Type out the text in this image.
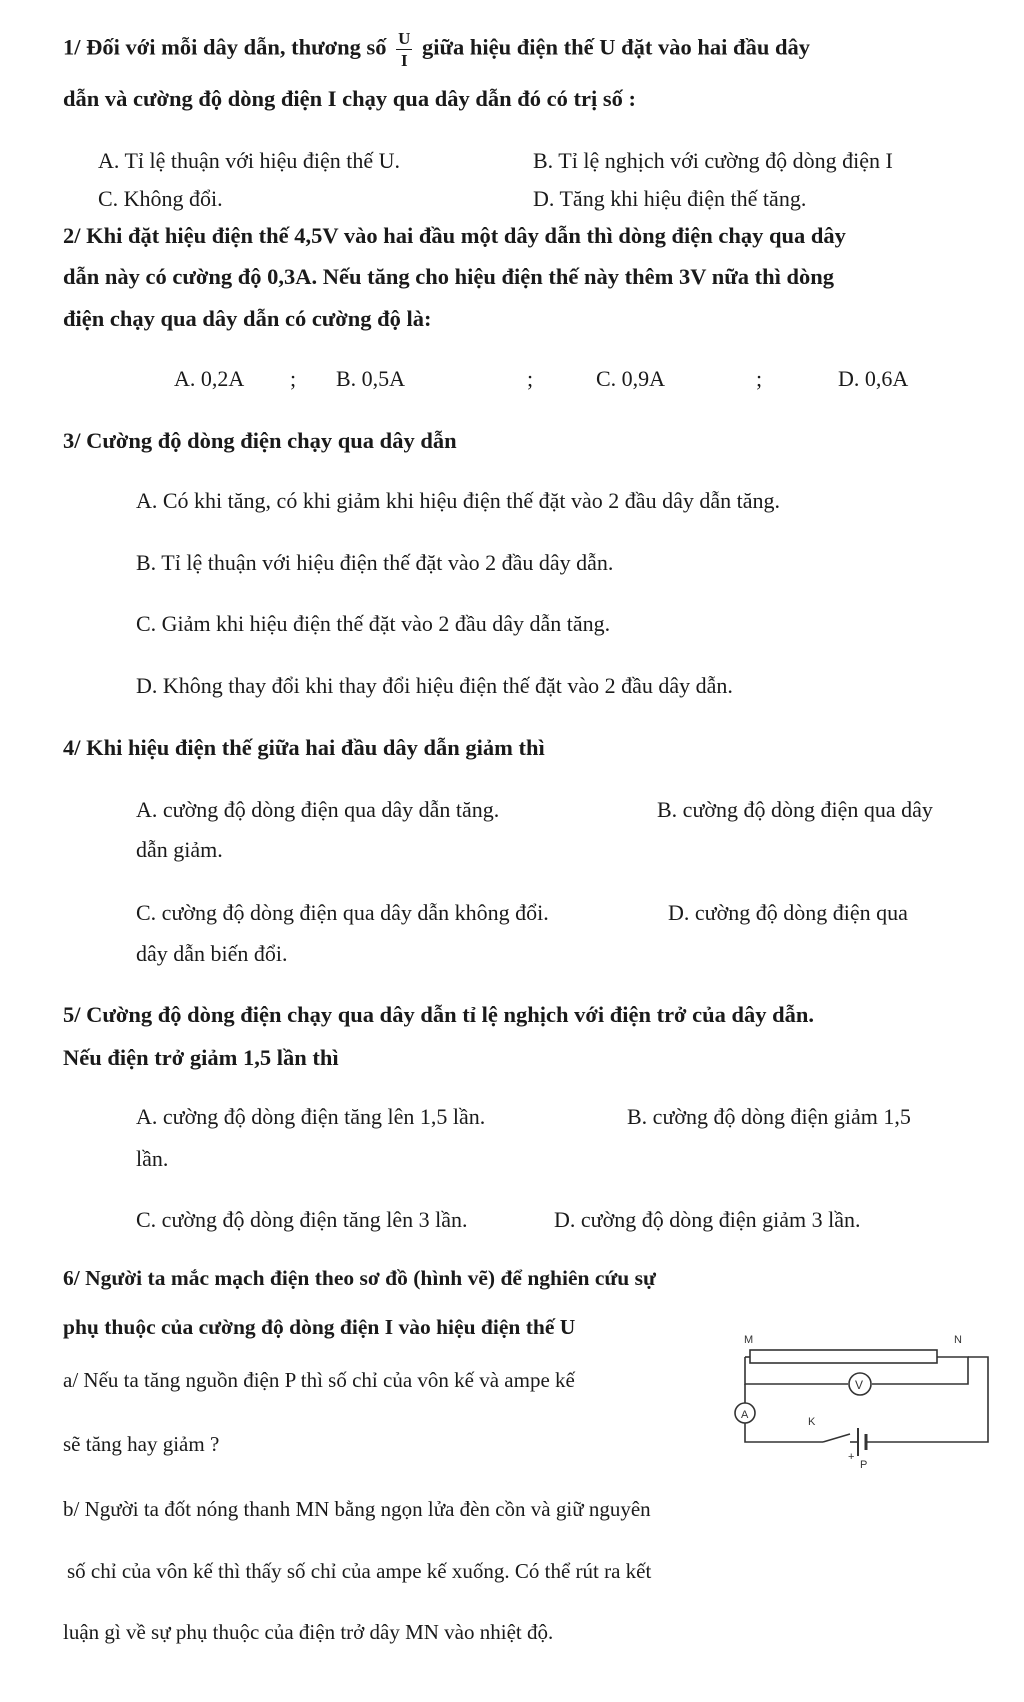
1/ Đối với mỗi dây dẫn, thương số $\frac{U}{I}$ giữa hiệu điện thế U đặt vào hai đầu dây
dẫn và cường độ dòng điện I chạy qua dây dẫn đó có trị số :
A. Tỉ lệ thuận với hiệu điện thế U.	B. Tỉ lệ nghịch với cường độ dòng điện I
C. Không đổi.	D. Tăng khi hiệu điện thế tăng.
2/ Khi đặt hiệu điện thế 4,5V vào hai đầu một dây dẫn thì dòng điện chạy qua dây
dẫn này có cường độ 0,3A. Nếu tăng cho hiệu điện thế này thêm 3V nữa thì dòng
điện chạy qua dây dẫn có cường độ là:
A. 0,2A ; B. 0,5A	;	C. 0,9A	;	D. 0,6A
3/ Cường độ dòng điện chạy qua dây dẫn
A. Có khi tăng, có khi giảm khi hiệu điện thế đặt vào 2 đầu dây dẫn tăng.
B. Tỉ lệ thuận với hiệu điện thế đặt vào 2 đầu dây dẫn.
C. Giảm khi hiệu điện thế đặt vào 2 đầu dây dẫn tăng.
D. Không thay đổi khi thay đổi hiệu điện thế đặt vào 2 đầu dây dẫn.
4/ Khi hiệu điện thế giữa hai đầu dây dẫn giảm thì
A. cường độ dòng điện qua dây dẫn tăng.	B. cường độ dòng điện qua dây
dẫn giảm.
C. cường độ dòng điện qua dây dẫn không đổi.	D. cường độ dòng điện qua
dây dẫn biến đổi.
5/ Cường độ dòng điện chạy qua dây dẫn tỉ lệ nghịch với điện trở của dây dẫn.
Nếu điện trở giảm 1,5 lần thì
A. cường độ dòng điện tăng lên 1,5 lần.	B. cường độ dòng điện giảm 1,5
lần.
C. cường độ dòng điện tăng lên 3 lần.	D. cường độ dòng điện giảm 3 lần.
6/ Người ta mắc mạch điện theo sơ đồ (hình vẽ) để nghiên cứu sự
phụ thuộc của cường độ dòng điện I vào hiệu điện thế U
a/ Nếu ta tăng nguồn điện P thì số chỉ của vôn kế và ampe kế
sẽ tăng hay giảm ?
b/ Người ta đốt nóng thanh MN bằng ngọn lửa đèn cồn và giữ nguyên
số chỉ của vôn kế thì thấy số chỉ của ampe kế xuống. Có thể rút ra kết
luận gì về sự phụ thuộc của điện trở dây MN vào nhiệt độ.
M	N
V
A
K
+
P
